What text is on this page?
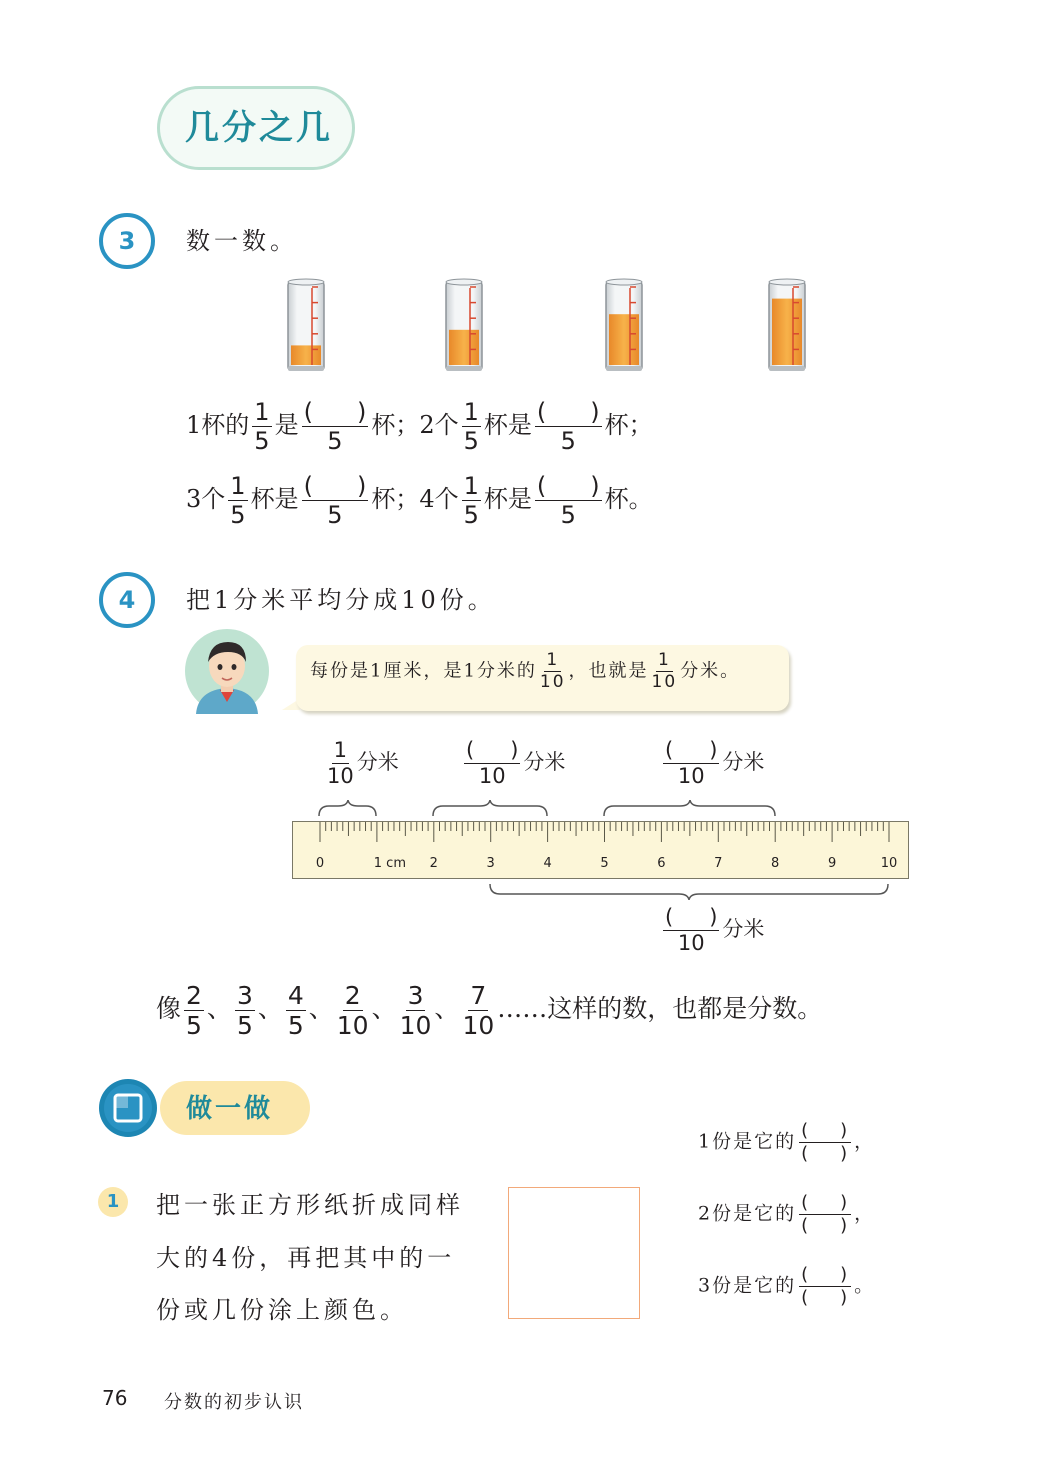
几分之几
3	数一数。
1杯的 $\frac{1}{5}$ 是 $\frac{( )}{5}$ 杯；2个 $\frac{1}{5}$ 杯是 $\frac{( )}{5}$ 杯；
3个 $\frac{1}{5}$ 杯是 $\frac{( )}{5}$ 杯；4个 $\frac{1}{5}$ 杯是 $\frac{( )}{5}$ 杯。
4	把1分米平均分成10份。
每份是1厘米，是1分米的 $\frac{1}{10}$ ，也就是 $\frac{1}{10}$ 分米。
$\frac{1}{10}$ 分米	$\frac{( )}{10}$ 分米	$\frac{( )}{10}$ 分米
0	1 cm 2	3	4	5	6	7	8	9	10
$\frac{( )}{10}$ 分米
像 $\frac{2}{5}$ 、 $\frac{3}{5}$ 、 $\frac{4}{5}$ 、 $\frac{2}{10}$ 、 $\frac{3}{10}$ 、 $\frac{7}{10}$ ……这样的数，也都是分数。
做一做
1	把一张正方形纸折成同样
大的4份，再把其中的一
份或几份涂上颜色。
1份是它的 $\frac{( )}{( )}$ ，
2份是它的 $\frac{( )}{( )}$ ，
3份是它的 $\frac{( )}{( )}$ 。
76 分数的初步认识
